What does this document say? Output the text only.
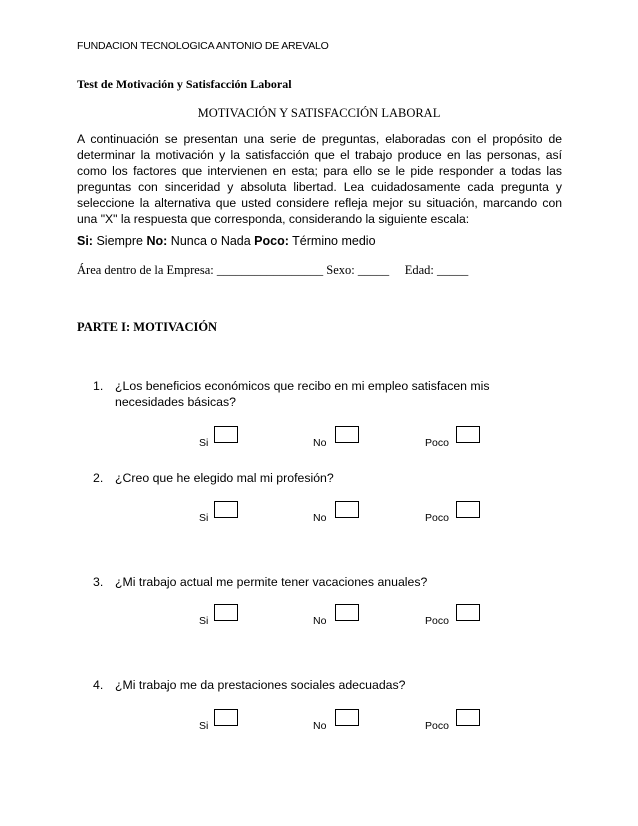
FUNDACION TECNOLOGICA ANTONIO DE AREVALO
Test de Motivación y Satisfacción Laboral
MOTIVACIÓN Y SATISFACCIÓN LABORAL
A continuación se presentan una serie de preguntas, elaboradas con el propósito de determinar la motivación y la satisfacción que el trabajo produce en las personas, así como los factores que intervienen en esta; para ello se le pide responder a todas las preguntas con sinceridad y absoluta libertad. Lea cuidadosamente cada pregunta y seleccione la alternativa que usted considere refleja mejor su situación, marcando con una "X" la respuesta que corresponda, considerando la siguiente escala:
Si: Siempre No: Nunca o Nada Poco: Término medio
Área dentro de la Empresa: _________________ Sexo: _____ Edad: _____
PARTE I: MOTIVACIÓN
1. ¿Los beneficios económicos que recibo en mi empleo satisfacen mis necesidades básicas?
Si	No	Poco
2. ¿Creo que he elegido mal mi profesión?
Si	No	Poco
3. ¿Mi trabajo actual me permite tener vacaciones anuales?
Si	No	Poco
4. ¿Mi trabajo me da prestaciones sociales adecuadas?
Si	No	Poco
